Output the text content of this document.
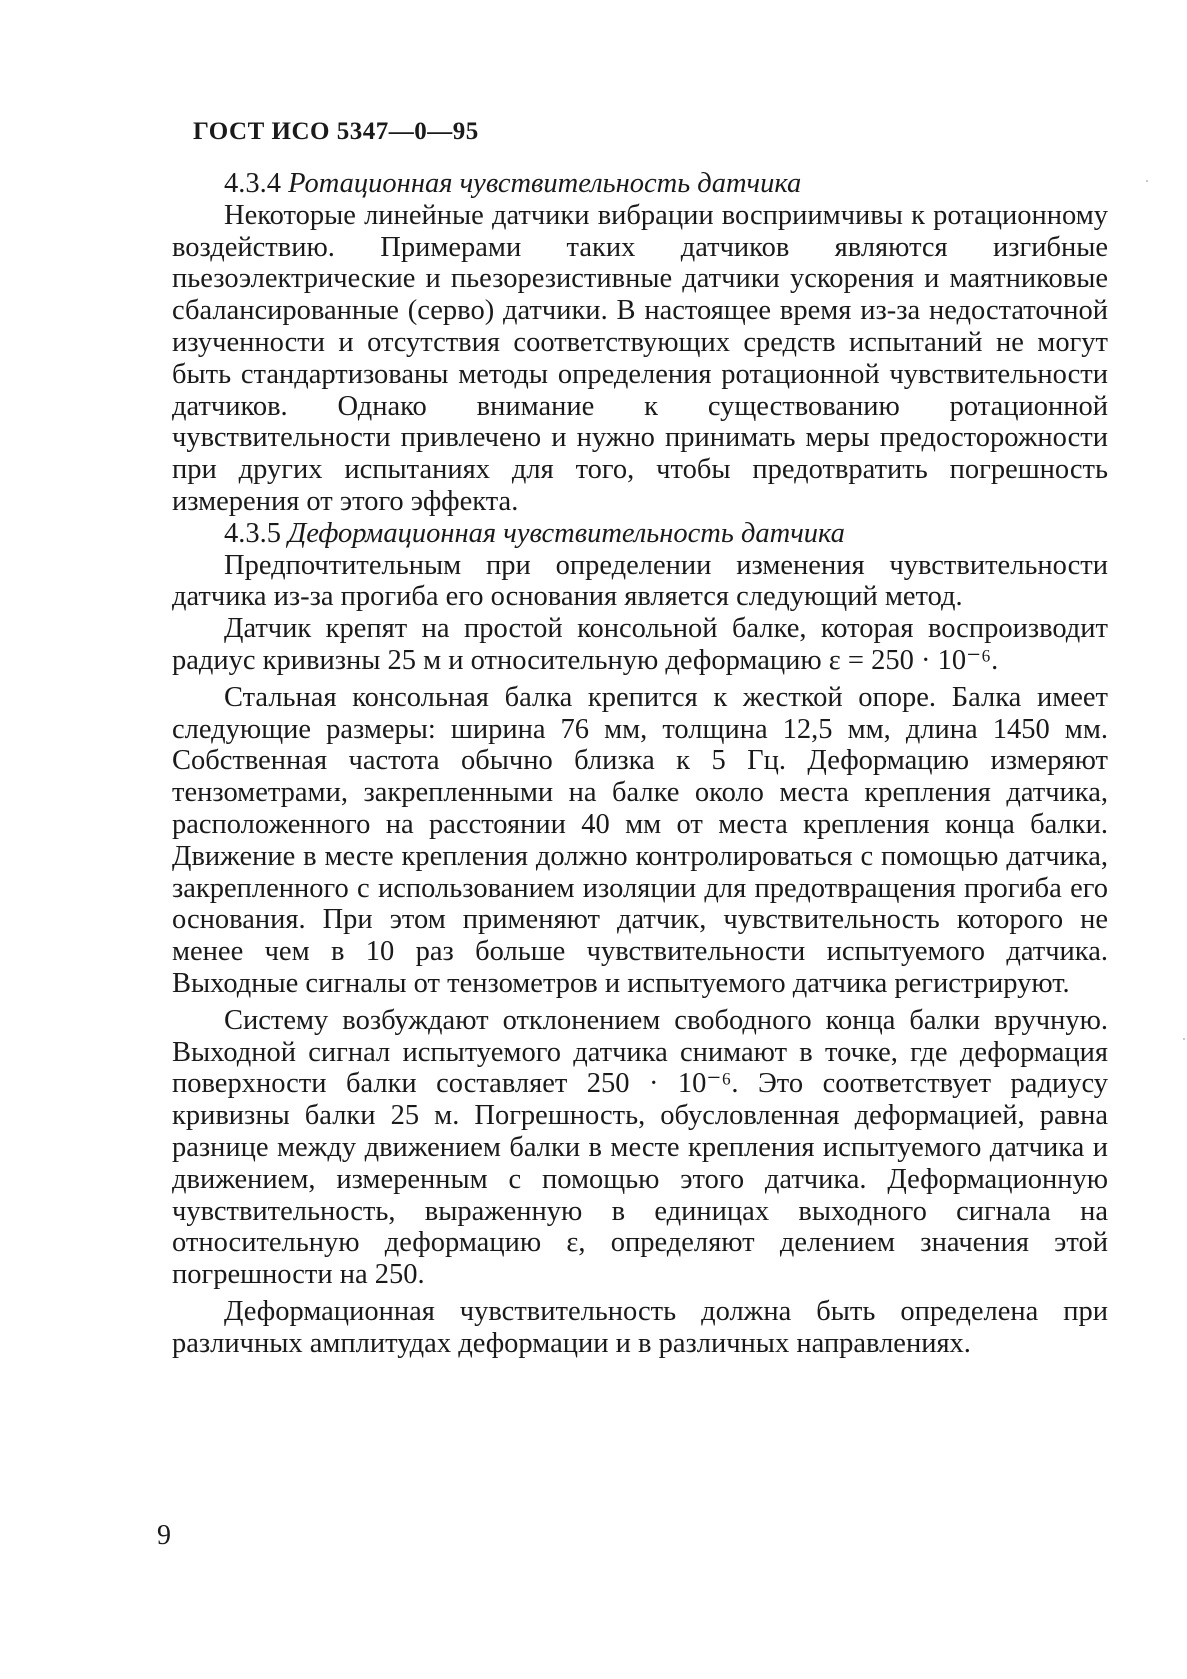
ГОСТ ИСО 5347—0—95

4.3.4 Ротационная чувствительность датчика

Некоторые линейные датчики вибрации восприимчивы к ротационному воздействию. Примерами таких датчиков являются изгибные пьезоэлектрические и пьезорезистивные датчики ускорения и маятниковые сбалансированные (серво) датчики. В настоящее время из-за недостаточной изученности и отсутствия соответствующих средств испытаний не могут быть стандартизованы методы определения ротационной чувствительности датчиков. Однако внимание к существованию ротационной чувствительности привлечено и нужно принимать меры предосторожности при других испытаниях для того, чтобы предотвратить погрешность измерения от этого эффекта.

4.3.5 Деформационная чувствительность датчика

Предпочтительным при определении изменения чувствительности датчика из-за прогиба его основания является следующий метод.

Датчик крепят на простой консольной балке, которая воспроизводит радиус кривизны 25 м и относительную деформацию ε = 250 · 10⁻⁶.

Стальная консольная балка крепится к жесткой опоре. Балка имеет следующие размеры: ширина 76 мм, толщина 12,5 мм, длина 1450 мм. Собственная частота обычно близка к 5 Гц. Деформацию измеряют тензометрами, закрепленными на балке около места крепления датчика, расположенного на расстоянии 40 мм от места крепления конца балки. Движение в месте крепления должно контролироваться с помощью датчика, закрепленного с использованием изоляции для предотвращения прогиба его основания. При этом применяют датчик, чувствительность которого не менее чем в 10 раз больше чувствительности испытуемого датчика. Выходные сигналы от тензометров и испытуемого датчика регистрируют.

Систему возбуждают отклонением свободного конца балки вручную. Выходной сигнал испытуемого датчика снимают в точке, где деформация поверхности балки составляет 250 · 10⁻⁶. Это соответствует радиусу кривизны балки 25 м. Погрешность, обусловленная деформацией, равна разнице между движением балки в месте крепления испытуемого датчика и движением, измеренным с помощью этого датчика. Деформационную чувствительность, выраженную в единицах выходного сигнала на относительную деформацию ε, определяют делением значения этой погрешности на 250.

Деформационная чувствительность должна быть определена при различных амплитудах деформации и в различных направлениях.

9
